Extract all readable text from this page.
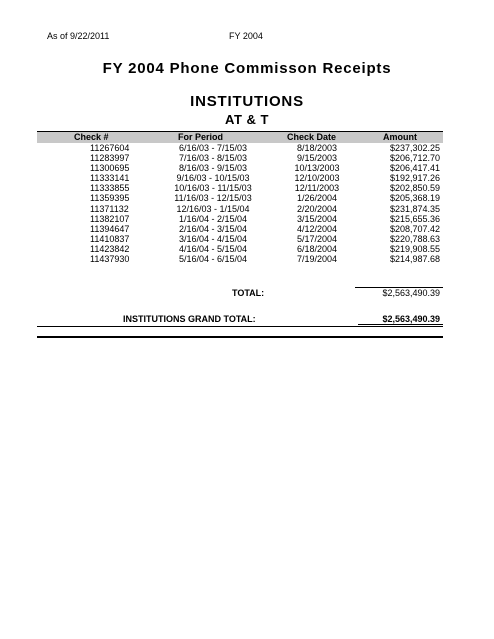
As of 9/22/2011	FY 2004
FY 2004 Phone Commisson Receipts
INSTITUTIONS
AT & T
Check #	For Period	Check Date	Amount
11267604	6/16/03 - 7/15/03	8/18/2003	$237,302.25
11283997	7/16/03 - 8/15/03	9/15/2003	$206,712.70
11300695	8/16/03 - 9/15/03	10/13/2003	$206,417.41
11333141	9/16/03 - 10/15/03	12/10/2003	$192,917.26
11333855	10/16/03 - 11/15/03	12/11/2003	$202,850.59
11359395	11/16/03 - 12/15/03	1/26/2004	$205,368.19
11371132	12/16/03 - 1/15/04	2/20/2004	$231,874.35
11382107	1/16/04 - 2/15/04	3/15/2004	$215,655.36
11394647	2/16/04 - 3/15/04	4/12/2004	$208,707.42
11410837	3/16/04 - 4/15/04	5/17/2004	$220,788.63
11423842	4/16/04 - 5/15/04	6/18/2004	$219,908.55
11437930	5/16/04 - 6/15/04	7/19/2004	$214,987.68
TOTAL:	$2,563,490.39
INSTITUTIONS GRAND TOTAL:	$2,563,490.39
